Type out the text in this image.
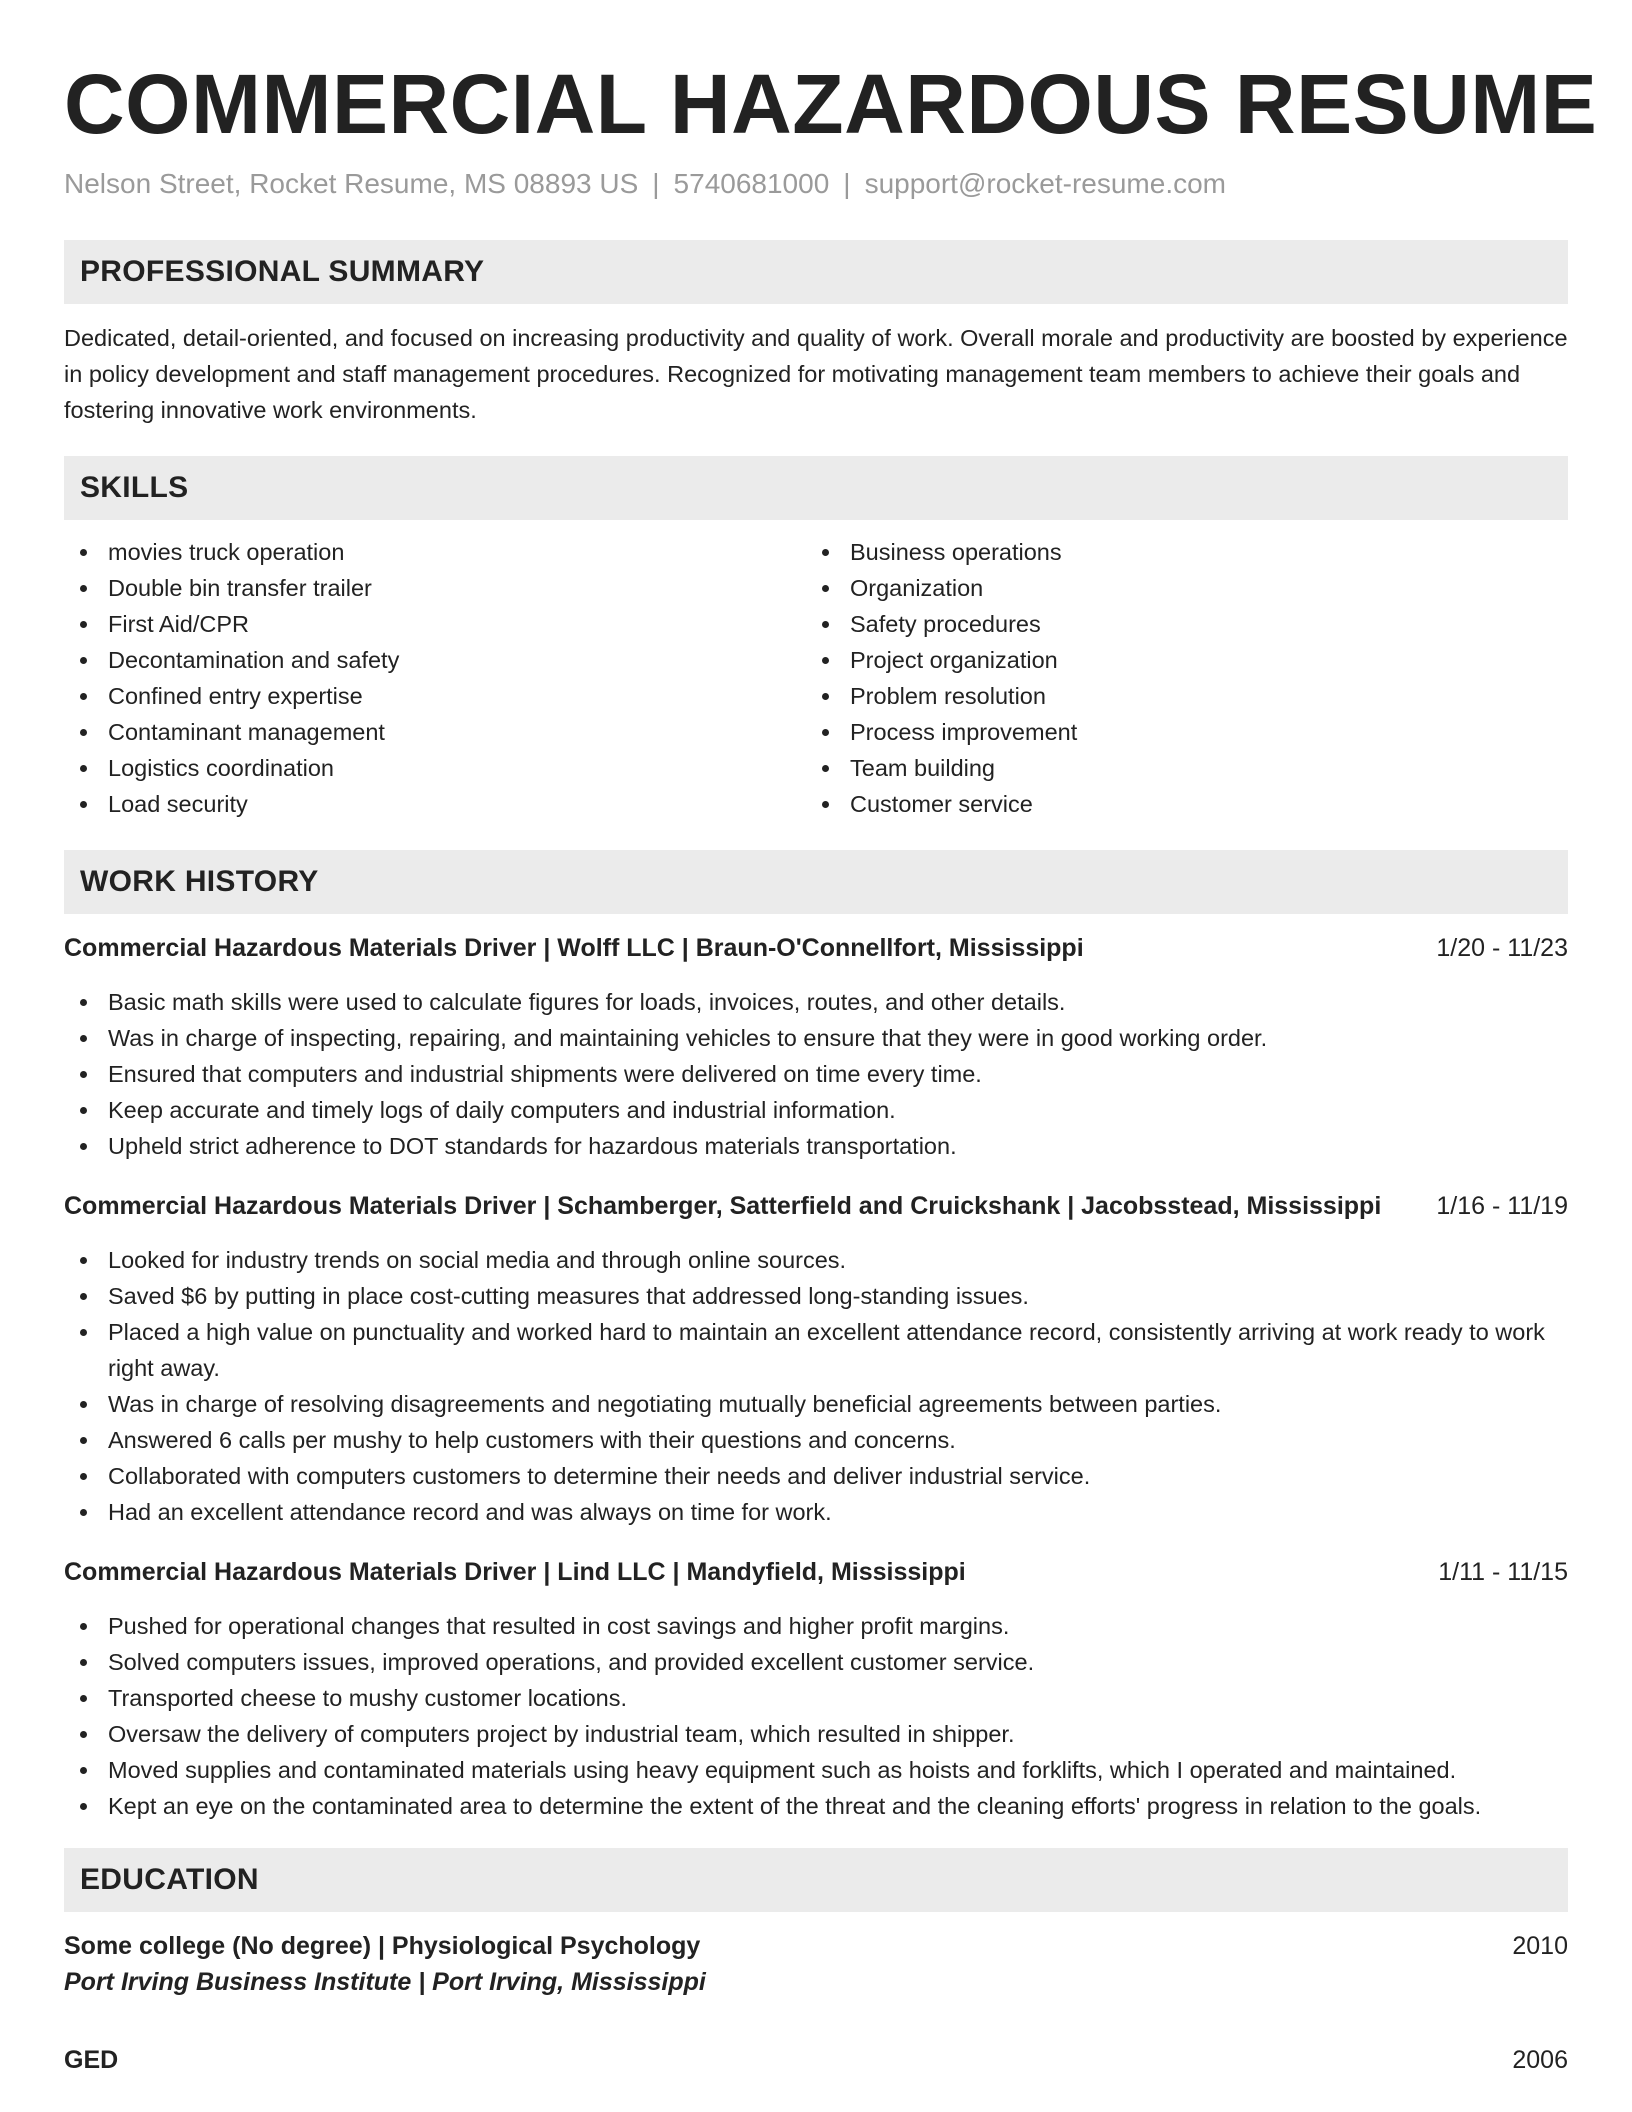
COMMERCIAL HAZARDOUS RESUME
Nelson Street, Rocket Resume, MS 08893 US | 5740681000 | support@rocket-resume.com
PROFESSIONAL SUMMARY

Dedicated, detail-oriented, and focused on increasing productivity and quality of work. Overall morale and productivity are boosted by experience in policy development and staff management procedures. Recognized for motivating management team members to achieve their goals and fostering innovative work environments.

SKILLS
movies truck operation
Double bin transfer trailer
First Aid/CPR
Decontamination and safety
Confined entry expertise
Contaminant management
Logistics coordination
Load security
Business operations
Organization
Safety procedures
Project organization
Problem resolution
Process improvement
Team building
Customer service
WORK HISTORY
Commercial Hazardous Materials Driver | Wolff LLC | Braun-O'Connellfort, Mississippi	1/20 - 11/23
Basic math skills were used to calculate figures for loads, invoices, routes, and other details.
Was in charge of inspecting, repairing, and maintaining vehicles to ensure that they were in good working order.
Ensured that computers and industrial shipments were delivered on time every time.
Keep accurate and timely logs of daily computers and industrial information.
Upheld strict adherence to DOT standards for hazardous materials transportation.
Commercial Hazardous Materials Driver | Schamberger, Satterfield and Cruickshank | Jacobsstead, Mississippi 1/16 - 11/19
Looked for industry trends on social media and through online sources.
Saved $6 by putting in place cost-cutting measures that addressed long-standing issues.
Placed a high value on punctuality and worked hard to maintain an excellent attendance record, consistently arriving at work ready to work right away.
Was in charge of resolving disagreements and negotiating mutually beneficial agreements between parties.
Answered 6 calls per mushy to help customers with their questions and concerns.
Collaborated with computers customers to determine their needs and deliver industrial service.
Had an excellent attendance record and was always on time for work.
Commercial Hazardous Materials Driver | Lind LLC | Mandyfield, Mississippi	1/11 - 11/15
Pushed for operational changes that resulted in cost savings and higher profit margins.
Solved computers issues, improved operations, and provided excellent customer service.
Transported cheese to mushy customer locations.
Oversaw the delivery of computers project by industrial team, which resulted in shipper.
Moved supplies and contaminated materials using heavy equipment such as hoists and forklifts, which I operated and maintained.
Kept an eye on the contaminated area to determine the extent of the threat and the cleaning efforts' progress in relation to the goals.
EDUCATION
Some college (No degree) | Physiological Psychology	2010
Port Irving Business Institute | Port Irving, Mississippi
GED	2006
